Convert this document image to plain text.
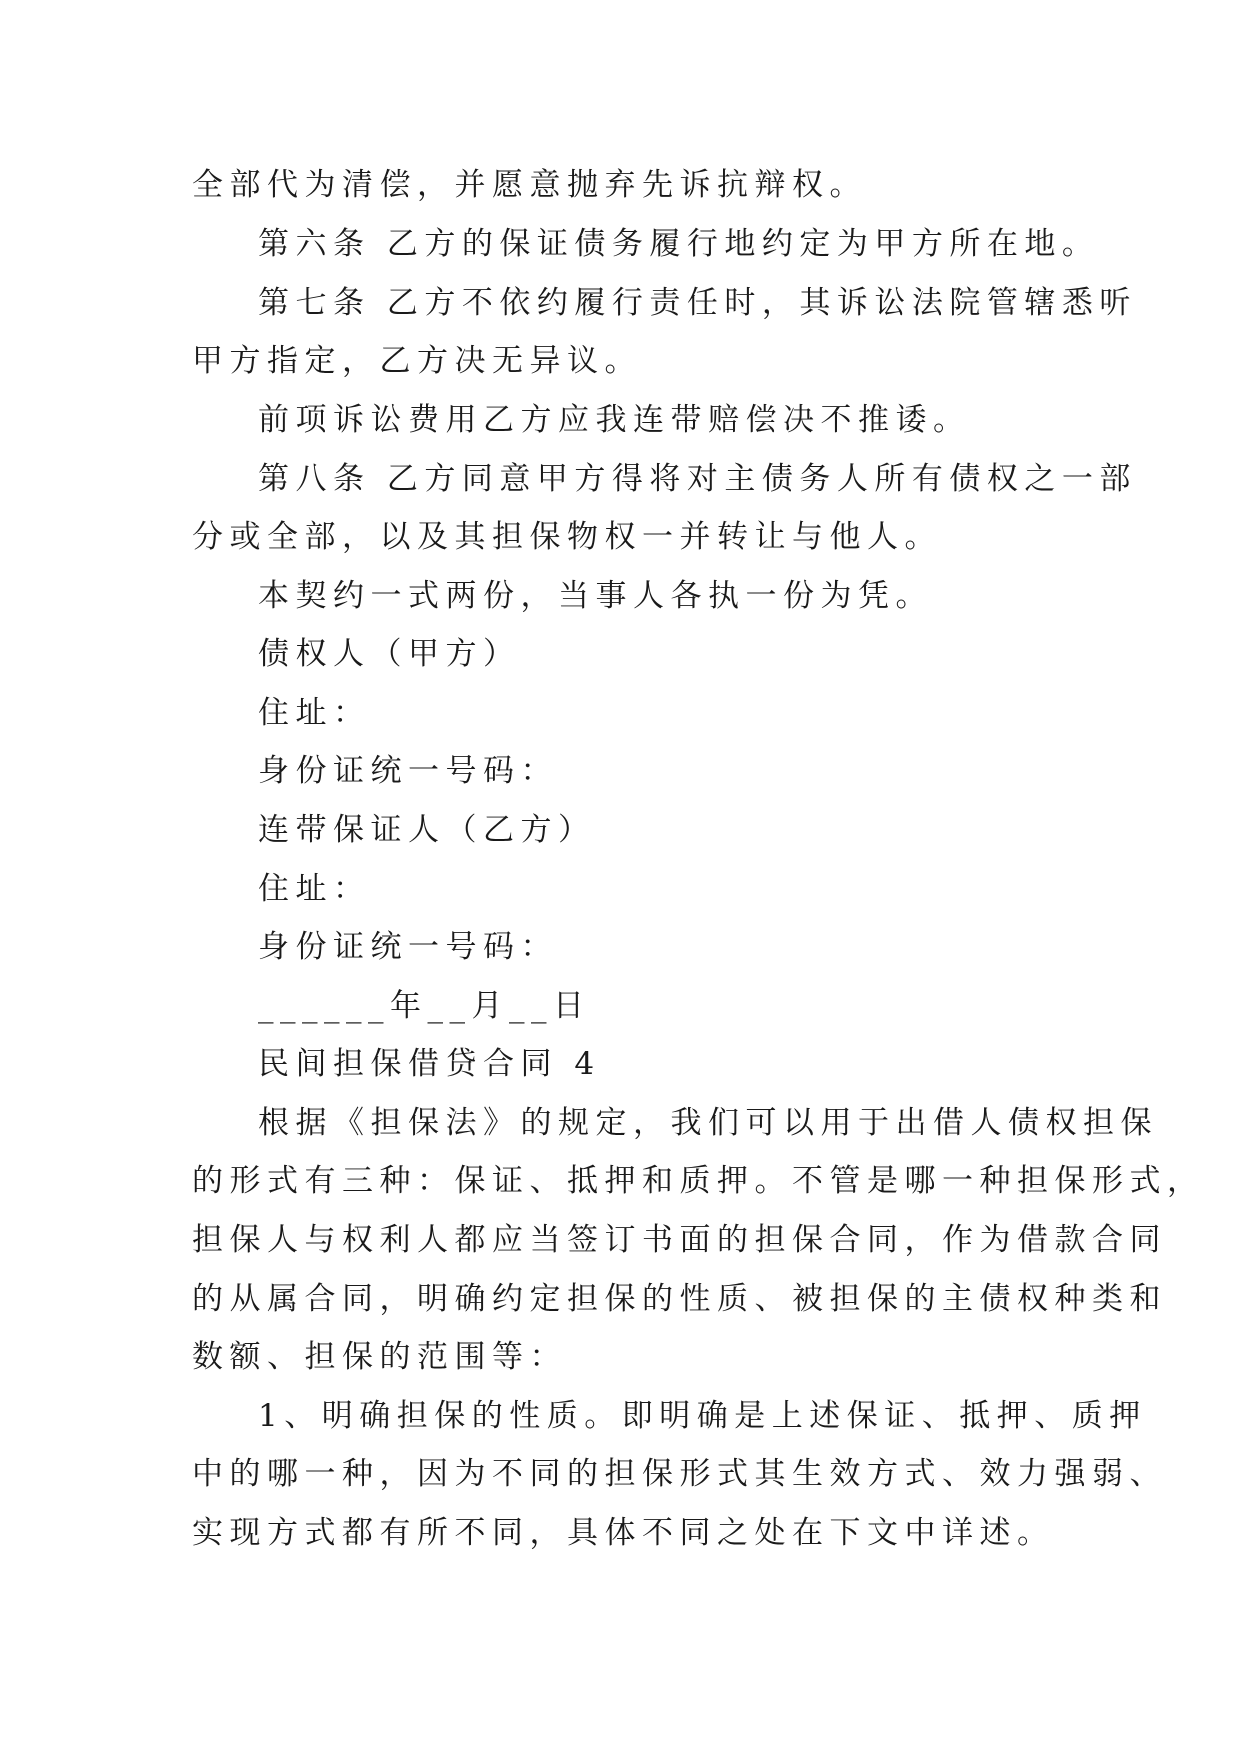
全部代为清偿，并愿意抛弃先诉抗辩权。
第六条 乙方的保证债务履行地约定为甲方所在地。
第七条 乙方不依约履行责任时，其诉讼法院管辖悉听
甲方指定，乙方决无异议。
前项诉讼费用乙方应我连带赔偿决不推诿。
第八条 乙方同意甲方得将对主债务人所有债权之一部
分或全部，以及其担保物权一并转让与他人。
本契约一式两份，当事人各执一份为凭。
债权人（甲方）
住址：
身份证统一号码：
连带保证人（乙方）
住址：
身份证统一号码：
______年__月__日
民间担保借贷合同 4
根据《担保法》的规定，我们可以用于出借人债权担保
的形式有三种：保证、抵押和质押。不管是哪一种担保形式，
担保人与权利人都应当签订书面的担保合同，作为借款合同
的从属合同，明确约定担保的性质、被担保的主债权种类和
数额、担保的范围等：
1、明确担保的性质。即明确是上述保证、抵押、质押
中的哪一种，因为不同的担保形式其生效方式、效力强弱、
实现方式都有所不同，具体不同之处在下文中详述。
